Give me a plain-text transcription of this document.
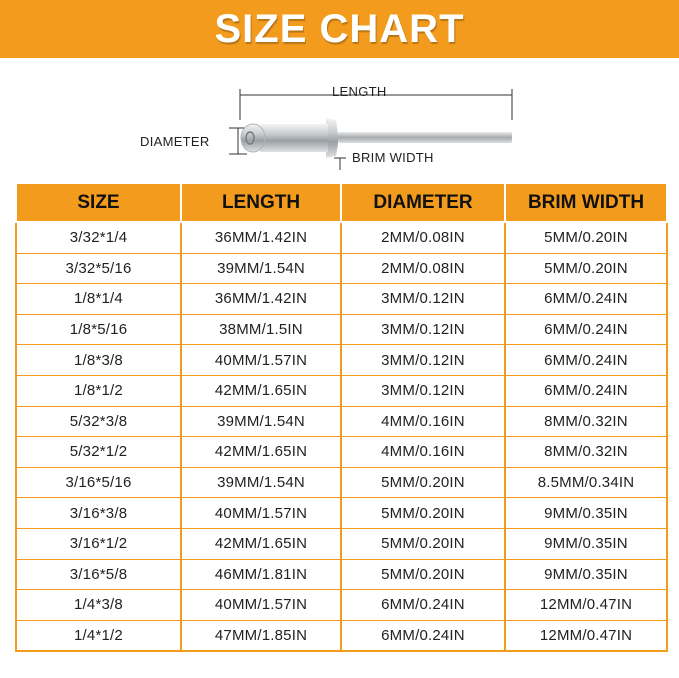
SIZE CHART
LENGTH
DIAMETER
BRIM WIDTH
SIZE	LENGTH	DIAMETER	BRIM WIDTH
3/32*1/4	36MM/1.42IN	2MM/0.08IN	5MM/0.20IN
3/32*5/16	39MM/1.54N	2MM/0.08IN	5MM/0.20IN
1/8*1/4	36MM/1.42IN	3MM/0.12IN	6MM/0.24IN
1/8*5/16	38MM/1.5IN	3MM/0.12IN	6MM/0.24IN
1/8*3/8	40MM/1.57IN	3MM/0.12IN	6MM/0.24IN
1/8*1/2	42MM/1.65IN	3MM/0.12IN	6MM/0.24IN
5/32*3/8	39MM/1.54N	4MM/0.16IN	8MM/0.32IN
5/32*1/2	42MM/1.65IN	4MM/0.16IN	8MM/0.32IN
3/16*5/16	39MM/1.54N	5MM/0.20IN	8.5MM/0.34IN
3/16*3/8	40MM/1.57IN	5MM/0.20IN	9MM/0.35IN
3/16*1/2	42MM/1.65IN	5MM/0.20IN	9MM/0.35IN
3/16*5/8	46MM/1.81IN	5MM/0.20IN	9MM/0.35IN
1/4*3/8	40MM/1.57IN	6MM/0.24IN	12MM/0.47IN
1/4*1/2	47MM/1.85IN	6MM/0.24IN	12MM/0.47IN
